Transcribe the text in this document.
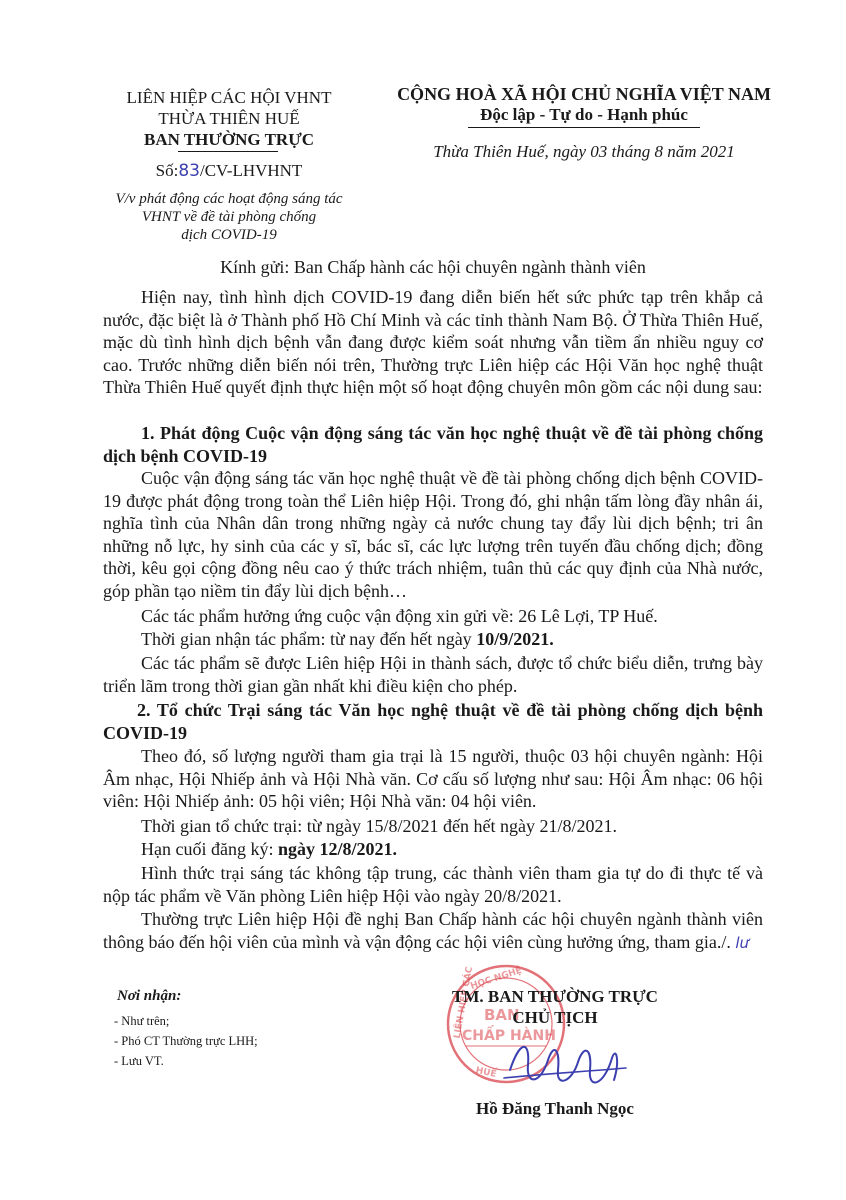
LIÊN HIỆP CÁC HỘI VHNT
THỪA THIÊN HUẾ
BAN THƯỜNG TRỰC
Số:83/CV-LHVHNT
V/v phát động các hoạt động sáng tác
VHNT về đề tài phòng chống
dịch COVID-19
CỘNG HOÀ XÃ HỘI CHỦ NGHĨA VIỆT NAM
Độc lập - Tự do - Hạnh phúc
Thừa Thiên Huế, ngày 03 tháng 8 năm 2021
Kính gửi: Ban Chấp hành các hội chuyên ngành thành viên

Hiện nay, tình hình dịch COVID-19 đang diễn biến hết sức phức tạp trên khắp cả nước, đặc biệt là ở Thành phố Hồ Chí Minh và các tỉnh thành Nam Bộ. Ở Thừa Thiên Huế, mặc dù tình hình dịch bệnh vẫn đang được kiểm soát nhưng vẫn tiềm ẩn nhiều nguy cơ cao. Trước những diễn biến nói trên, Thường trực Liên hiệp các Hội Văn học nghệ thuật Thừa Thiên Huế quyết định thực hiện một số hoạt động chuyên môn gồm các nội dung sau:

1. Phát động Cuộc vận động sáng tác văn học nghệ thuật về đề tài phòng chống dịch bệnh COVID-19

Cuộc vận động sáng tác văn học nghệ thuật về đề tài phòng chống dịch bệnh COVID-19 được phát động trong toàn thể Liên hiệp Hội. Trong đó, ghi nhận tấm lòng đầy nhân ái, nghĩa tình của Nhân dân trong những ngày cả nước chung tay đẩy lùi dịch bệnh; tri ân những nỗ lực, hy sinh của các y sĩ, bác sĩ, các lực lượng trên tuyến đầu chống dịch; đồng thời, kêu gọi cộng đồng nêu cao ý thức trách nhiệm, tuân thủ các quy định của Nhà nước, góp phần tạo niềm tin đẩy lùi dịch bệnh…

Các tác phẩm hưởng ứng cuộc vận động xin gửi về: 26 Lê Lợi, TP Huế.

Thời gian nhận tác phẩm: từ nay đến hết ngày 10/9/2021.

Các tác phẩm sẽ được Liên hiệp Hội in thành sách, được tổ chức biểu diễn, trưng bày triển lãm trong thời gian gần nhất khi điều kiện cho phép.

2. Tổ chức Trại sáng tác Văn học nghệ thuật về đề tài phòng chống dịch bệnh COVID-19

Theo đó, số lượng người tham gia trại là 15 người, thuộc 03 hội chuyên ngành: Hội Âm nhạc, Hội Nhiếp ảnh và Hội Nhà văn. Cơ cấu số lượng như sau: Hội Âm nhạc: 06 hội viên: Hội Nhiếp ảnh: 05 hội viên; Hội Nhà văn: 04 hội viên.

Thời gian tổ chức trại: từ ngày 15/8/2021 đến hết ngày 21/8/2021.

Hạn cuối đăng ký: ngày 12/8/2021.

Hình thức trại sáng tác không tập trung, các thành viên tham gia tự do đi thực tế và nộp tác phẩm về Văn phòng Liên hiệp Hội vào ngày 20/8/2021.

Thường trực Liên hiệp Hội đề nghị Ban Chấp hành các hội chuyên ngành thành viên thông báo đến hội viên của mình và vận động các hội viên cùng hưởng ứng, tham gia./. lư

Nơi nhận:
- Như trên;
- Phó CT Thường trực LHH;
- Lưu VT.
HỌC NGHỆ
LIÊN HIỆP CÁC
HUẾ
BAN
CHẤP HÀNH
TM. BAN THƯỜNG TRỰC
CHỦ TỊCH
Hồ Đăng Thanh Ngọc
